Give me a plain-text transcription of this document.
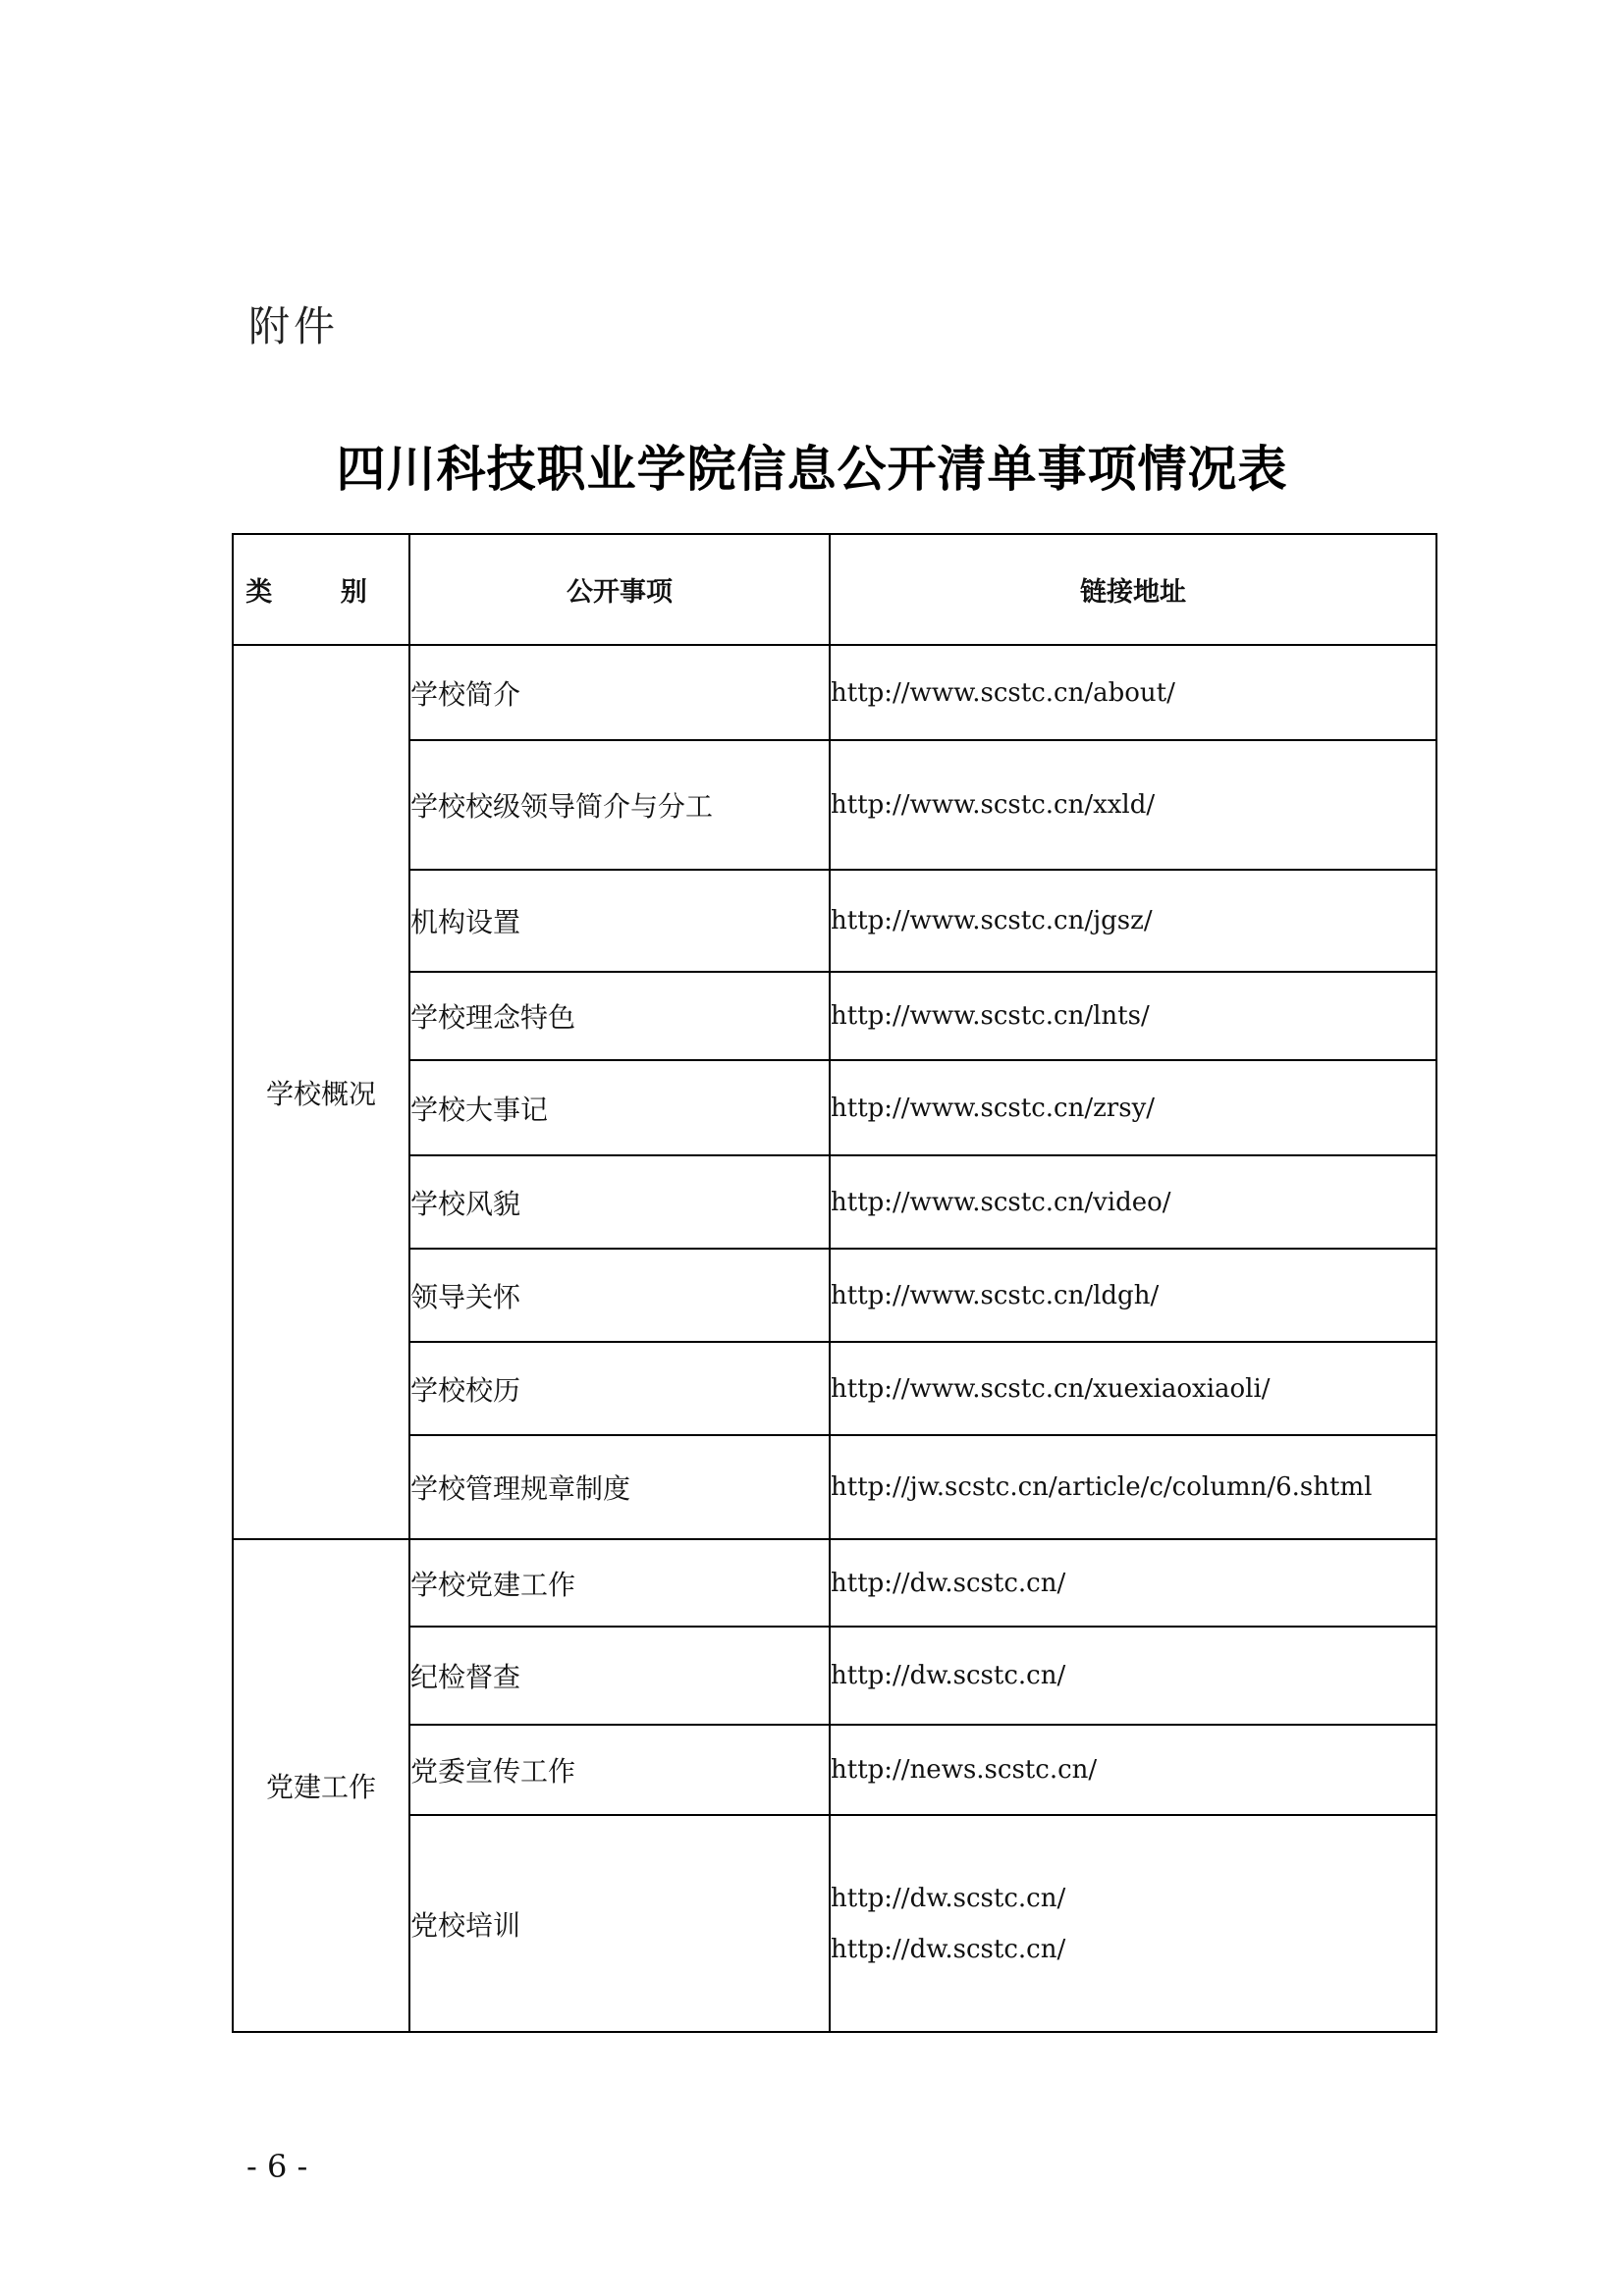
附件
四川科技职业学院信息公开清单事项情况表
类 别	公开事项	链接地址
学校概况	学校简介	http://www.scstc.cn/about/

	学校校级领导简介与分工	http://www.scstc.cn/xxld/

	机构设置	http://www.scstc.cn/jgsz/

	学校理念特色	http://www.scstc.cn/lnts/

	学校大事记	http://www.scstc.cn/zrsy/

	学校风貌	http://www.scstc.cn/video/

	领导关怀	http://www.scstc.cn/ldgh/

	学校校历	http://www.scstc.cn/xuexiaoxiaoli/

	学校管理规章制度	http://jw.scstc.cn/article/c/column/6.shtml

党建工作	学校党建工作	http://dw.scstc.cn/

	纪检督查	http://dw.scstc.cn/

	党委宣传工作	http://news.scstc.cn/

	党校培训	http://dw.scstc.cn/
http://dw.scstc.cn/
- 6 -
